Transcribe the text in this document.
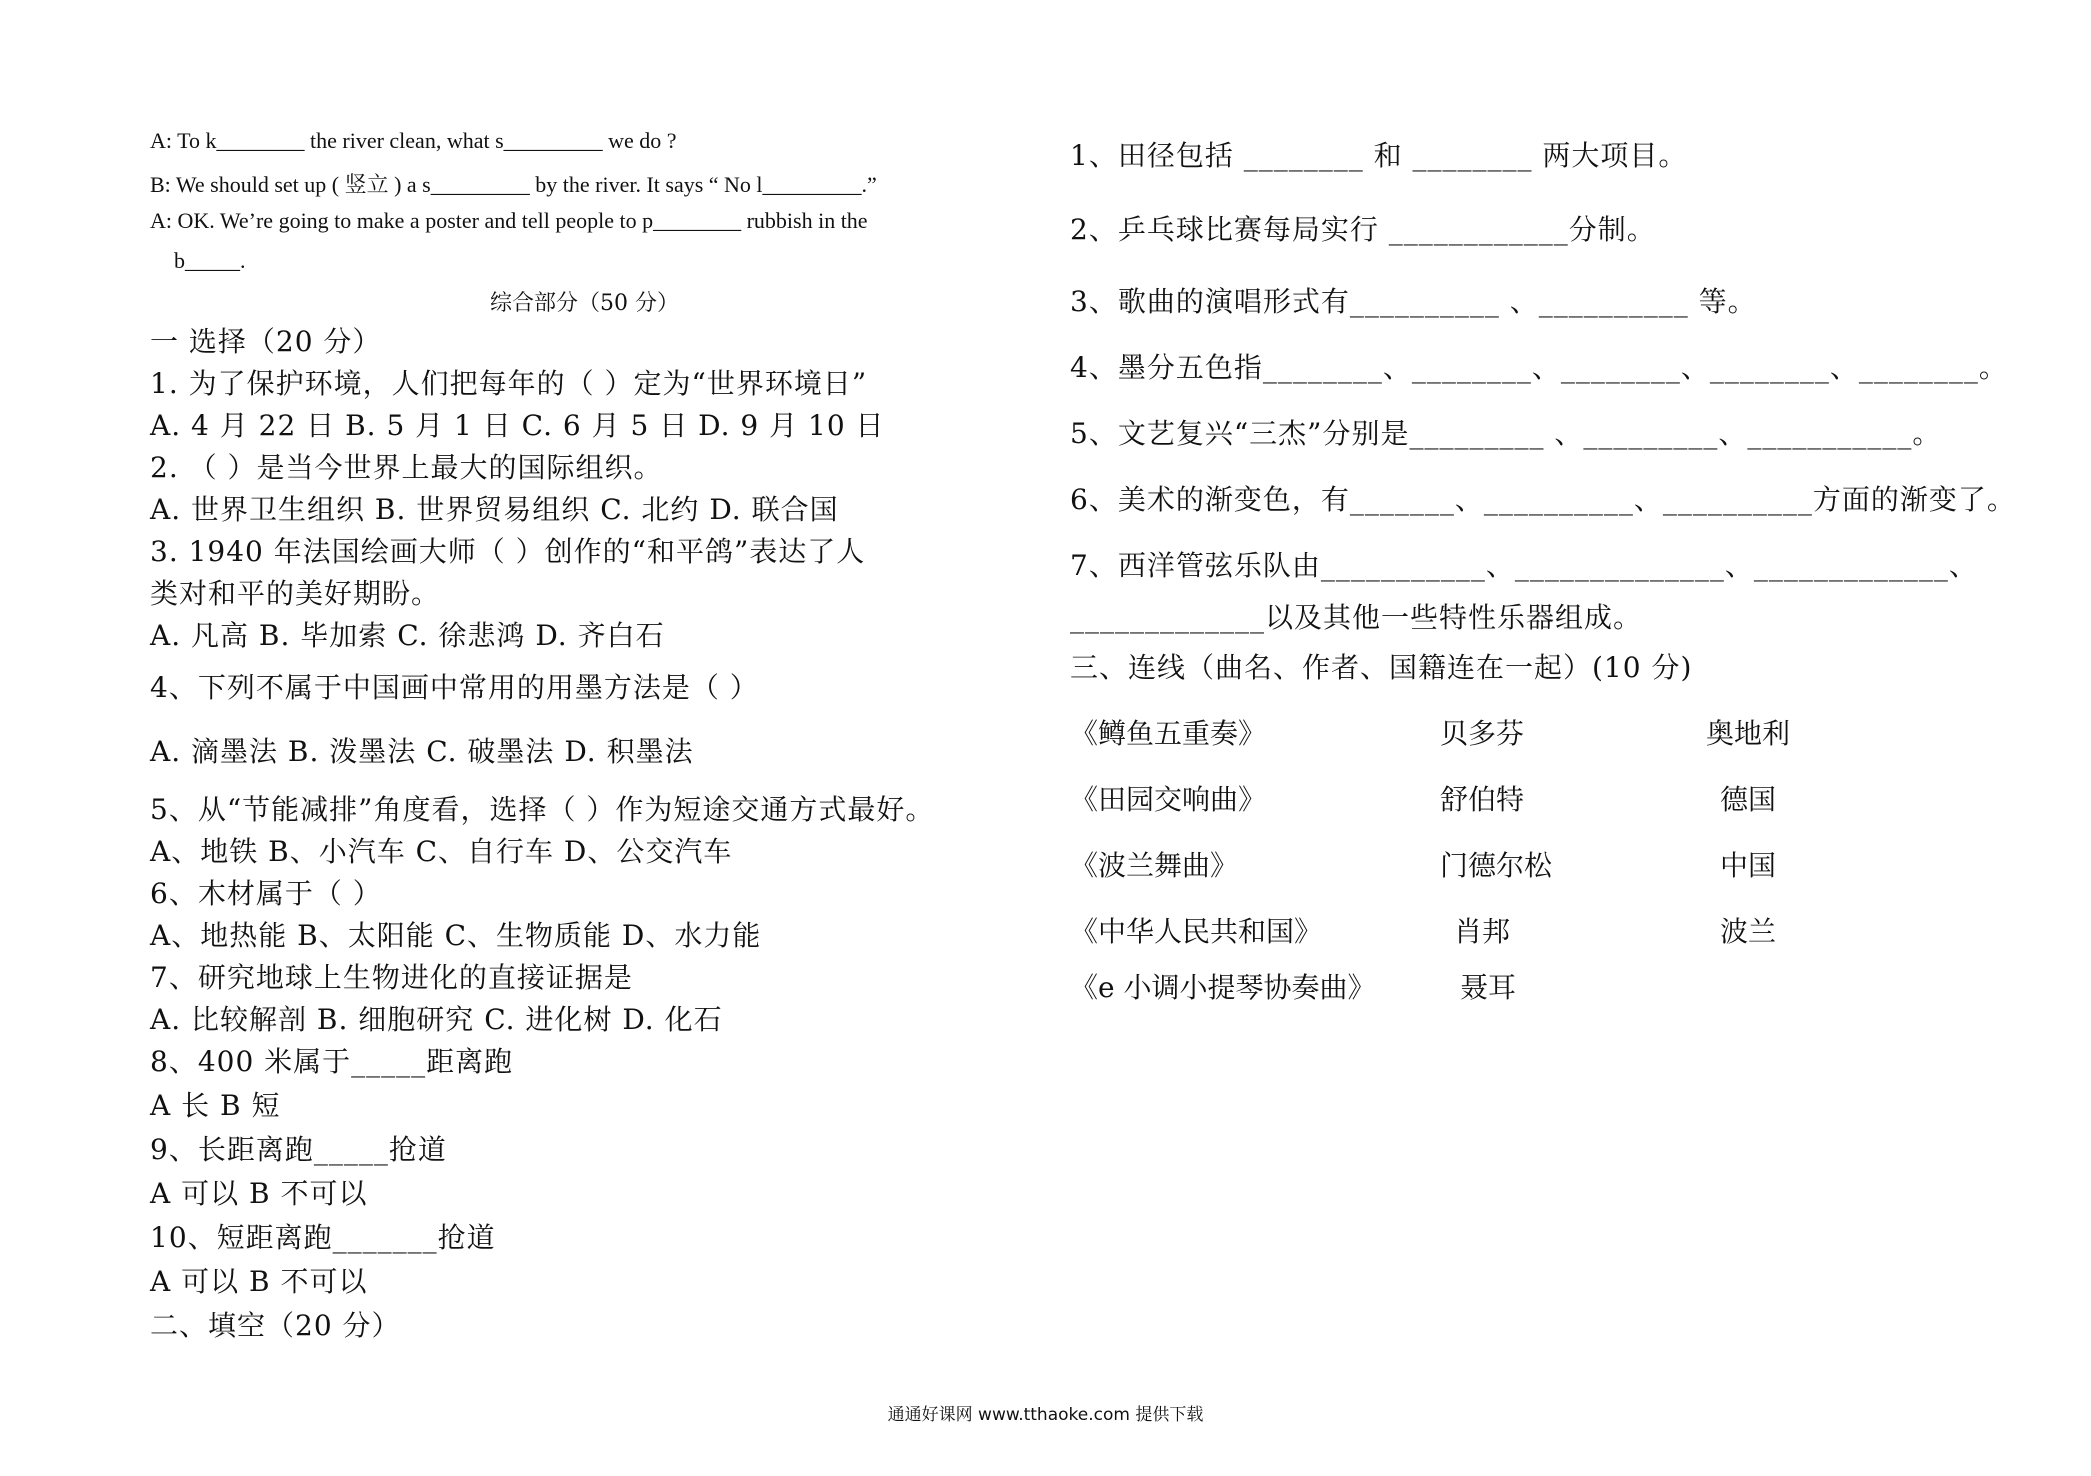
A: To k________ the river clean, what s_________ we do ?
B: We should set up ( 竖立 ) a s_________ by the river. It says “ No l_________.”
A: OK. We’re going to make a poster and tell people to p________ rubbish in the
b_____.
综合部分（50 分）
一 选择（20 分）
1. 为了保护环境，人们把每年的（ ）定为“世界环境日”
A. 4 月 22 日 B. 5 月 1 日 C. 6 月 5 日 D. 9 月 10 日
2. （ ）是当今世界上最大的国际组织。
A. 世界卫生组织 B. 世界贸易组织 C. 北约 D. 联合国
3. 1940 年法国绘画大师（ ）创作的“和平鸽”表达了人
类对和平的美好期盼。
A. 凡高 B. 毕加索 C. 徐悲鸿 D. 齐白石
4、下列不属于中国画中常用的用墨方法是（ ）
A. 滴墨法 B. 泼墨法 C. 破墨法 D. 积墨法
5、从“节能减排”角度看，选择（ ）作为短途交通方式最好。
A、地铁 B、小汽车 C、自行车 D、公交汽车
6、木材属于（ ）
A、地热能 B、太阳能 C、生物质能 D、水力能
7、研究地球上生物进化的直接证据是
A. 比较解剖 B. 细胞研究 C. 进化树 D. 化石
8、400 米属于_____距离跑
A 长 B 短
9、长距离跑_____抢道
A 可以 B 不可以
10、短距离跑_______抢道
A 可以 B 不可以
二、填空（20 分）
1、田径包括 ________ 和 ________ 两大项目。
2、乒乓球比赛每局实行 ____________分制。
3、歌曲的演唱形式有__________ 、__________ 等。
4、墨分五色指________、________、________、________、________。
5、文艺复兴“三杰”分别是_________ 、_________、___________。
6、美术的渐变色，有_______、__________、__________方面的渐变了。
7、西洋管弦乐队由___________、______________、_____________、
_____________以及其他一些特性乐器组成。
三、连线（曲名、作者、国籍连在一起）(10 分)
《鳟鱼五重奏》
《田园交响曲》
《波兰舞曲》
《中华人民共和国》
《e 小调小提琴协奏曲》
贝多芬
舒伯特
门德尔松
肖邦
聂耳
奥地利
德国
中国
波兰
通通好课网 www.tthaoke.com 提供下载
